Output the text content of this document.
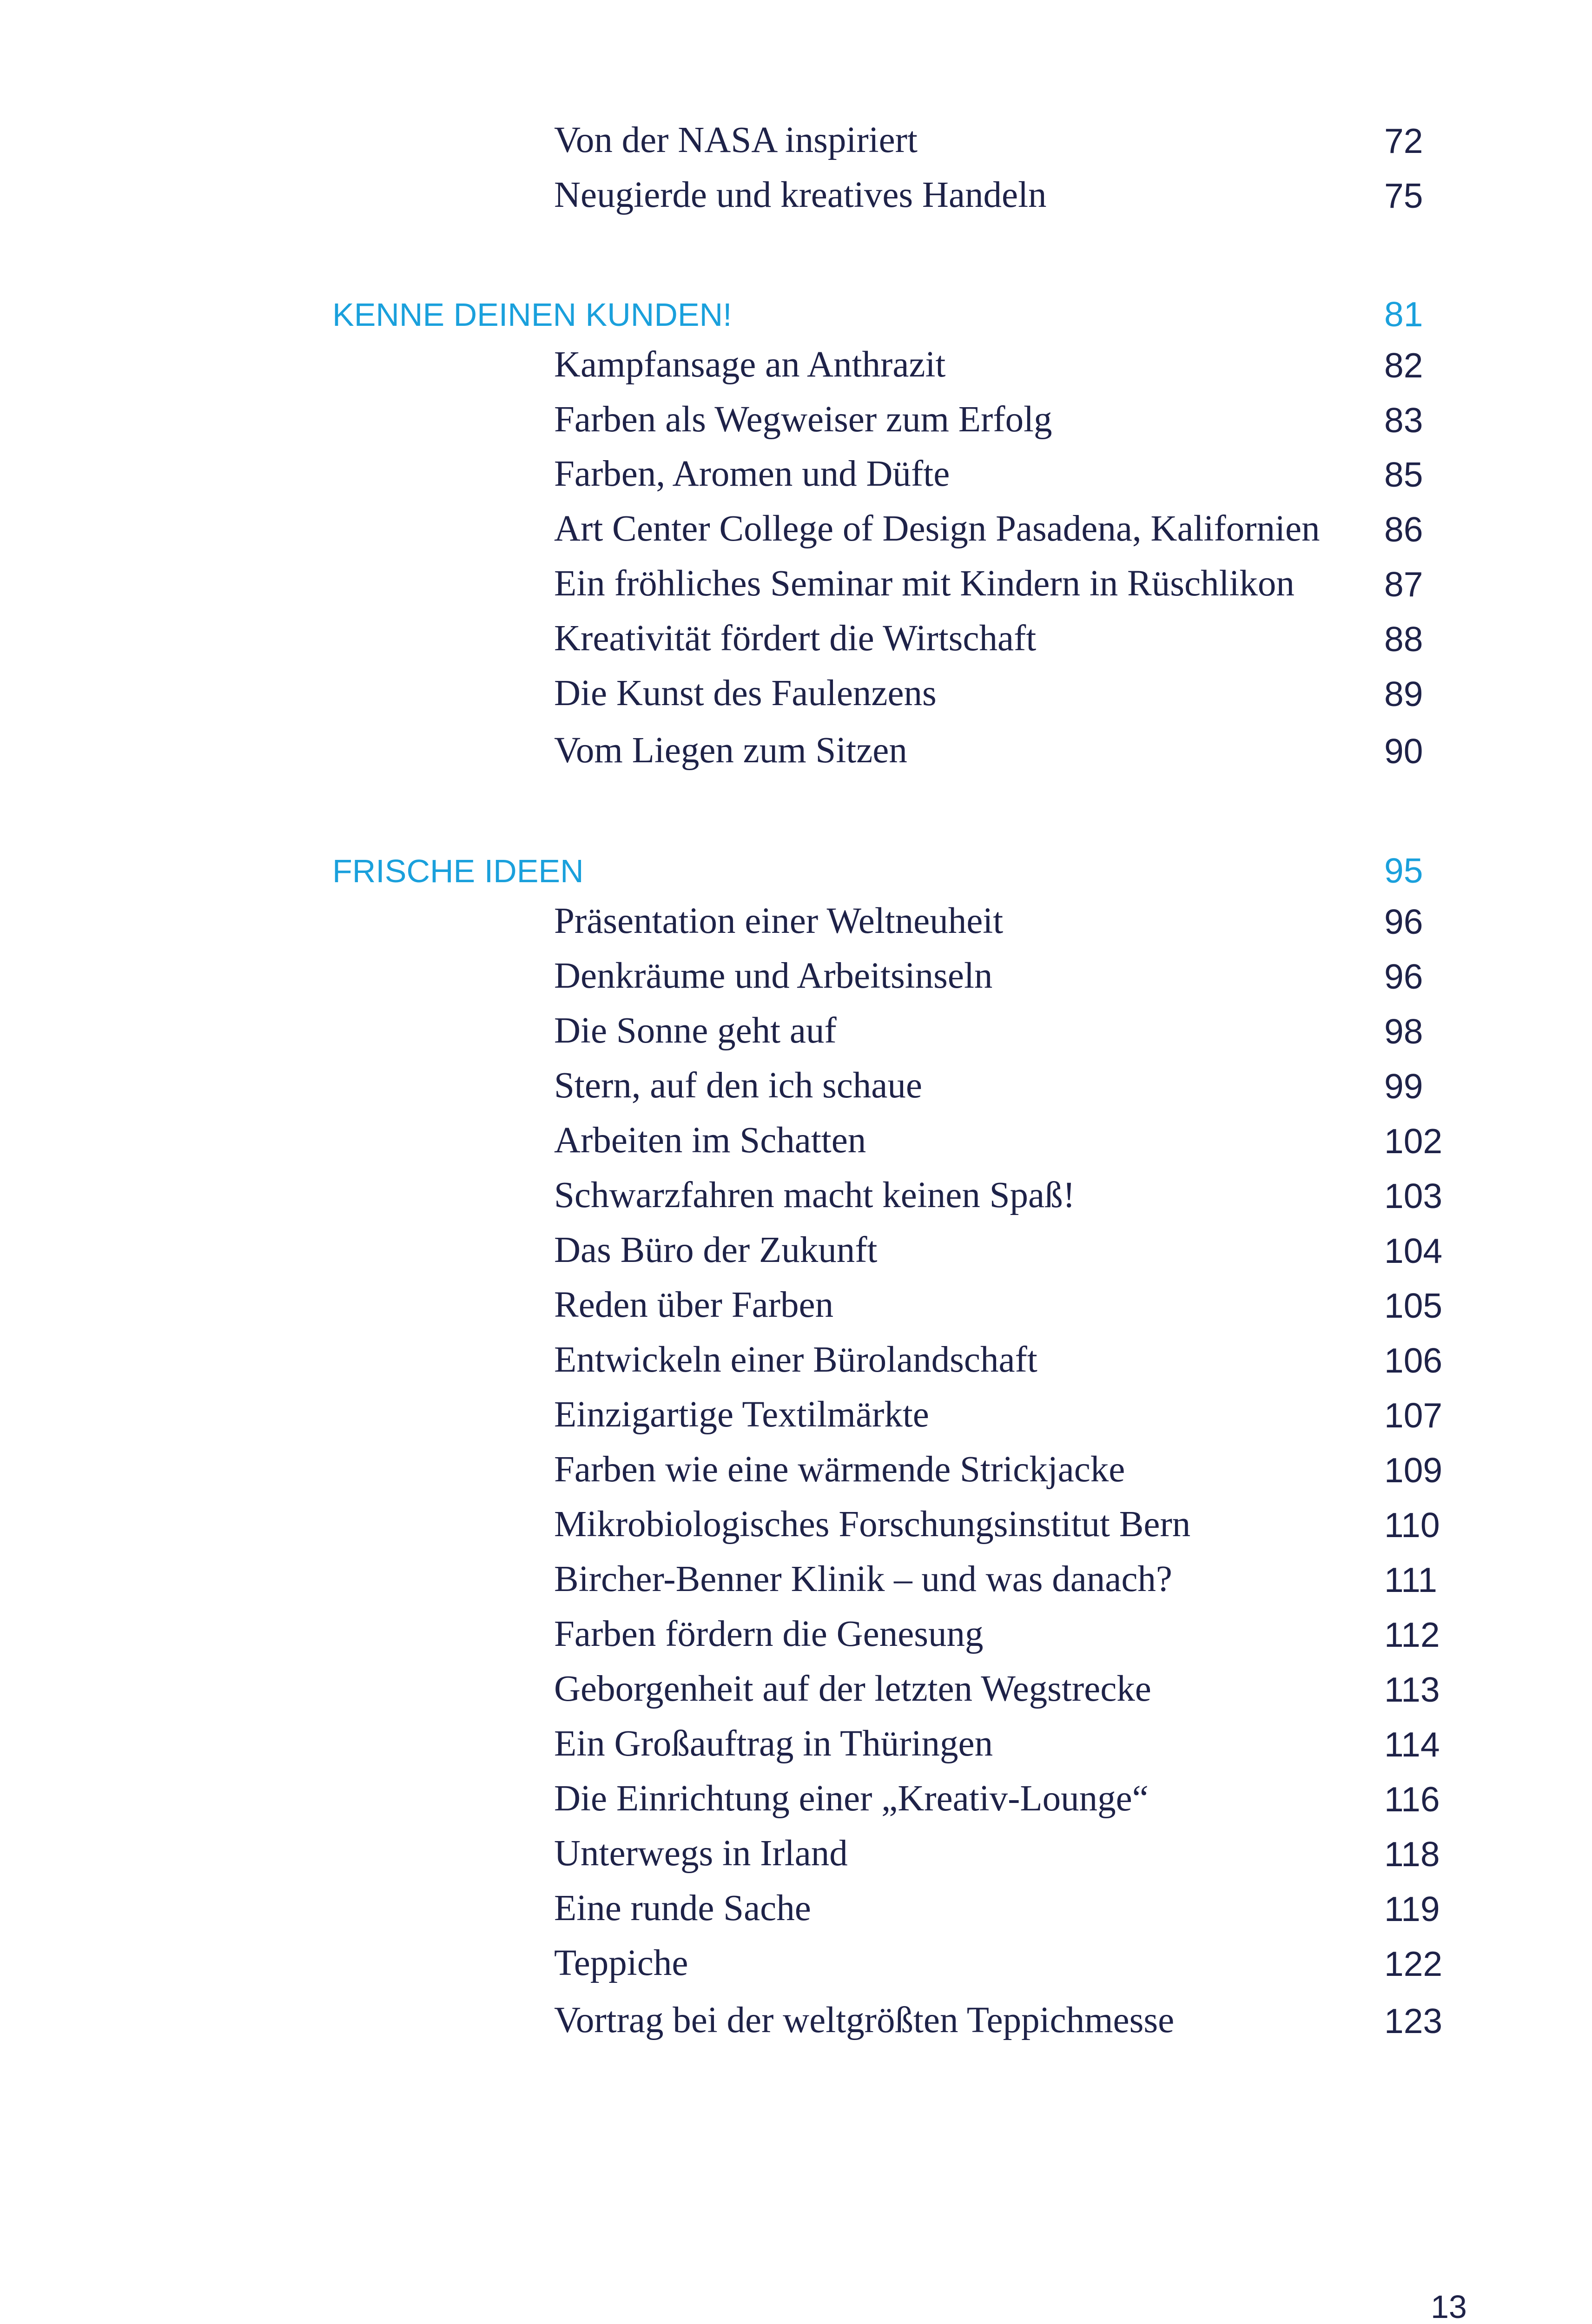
Von der NASA inspiriert	72
Neugierde und kreatives Handeln	75
KENNE DEINEN KUNDEN!	81
Kampfansage an Anthrazit	82
Farben als Wegweiser zum Erfolg	83
Farben, Aromen und Düfte	85
Art Center College of Design Pasadena, Kalifornien 86
Ein fröhliches Seminar mit Kindern in Rüschlikon	87
Kreativität fördert die Wirtschaft	88
Die Kunst des Faulenzens	89
Vom Liegen zum Sitzen	90
FRISCHE IDEEN	95
Präsentation einer Weltneuheit	96
Denkräume und Arbeitsinseln	96
Die Sonne geht auf	98
Stern, auf den ich schaue	99
Arbeiten im Schatten	102
Schwarzfahren macht keinen Spaß!	103
Das Büro der Zukunft	104
Reden über Farben	105
Entwickeln einer Bürolandschaft	106
Einzigartige Textilmärkte	107
Farben wie eine wärmende Strickjacke	109
Mikrobiologisches Forschungsinstitut Bern	110
Bircher-Benner Klinik – und was danach?	111
Farben fördern die Genesung	112
Geborgenheit auf der letzten Wegstrecke	113
Ein Großauftrag in Thüringen	114
Die Einrichtung einer „Kreativ-Lounge“	116
Unterwegs in Irland	118
Eine runde Sache	119
Teppiche	122
Vortrag bei der weltgrößten Teppichmesse	123
13
